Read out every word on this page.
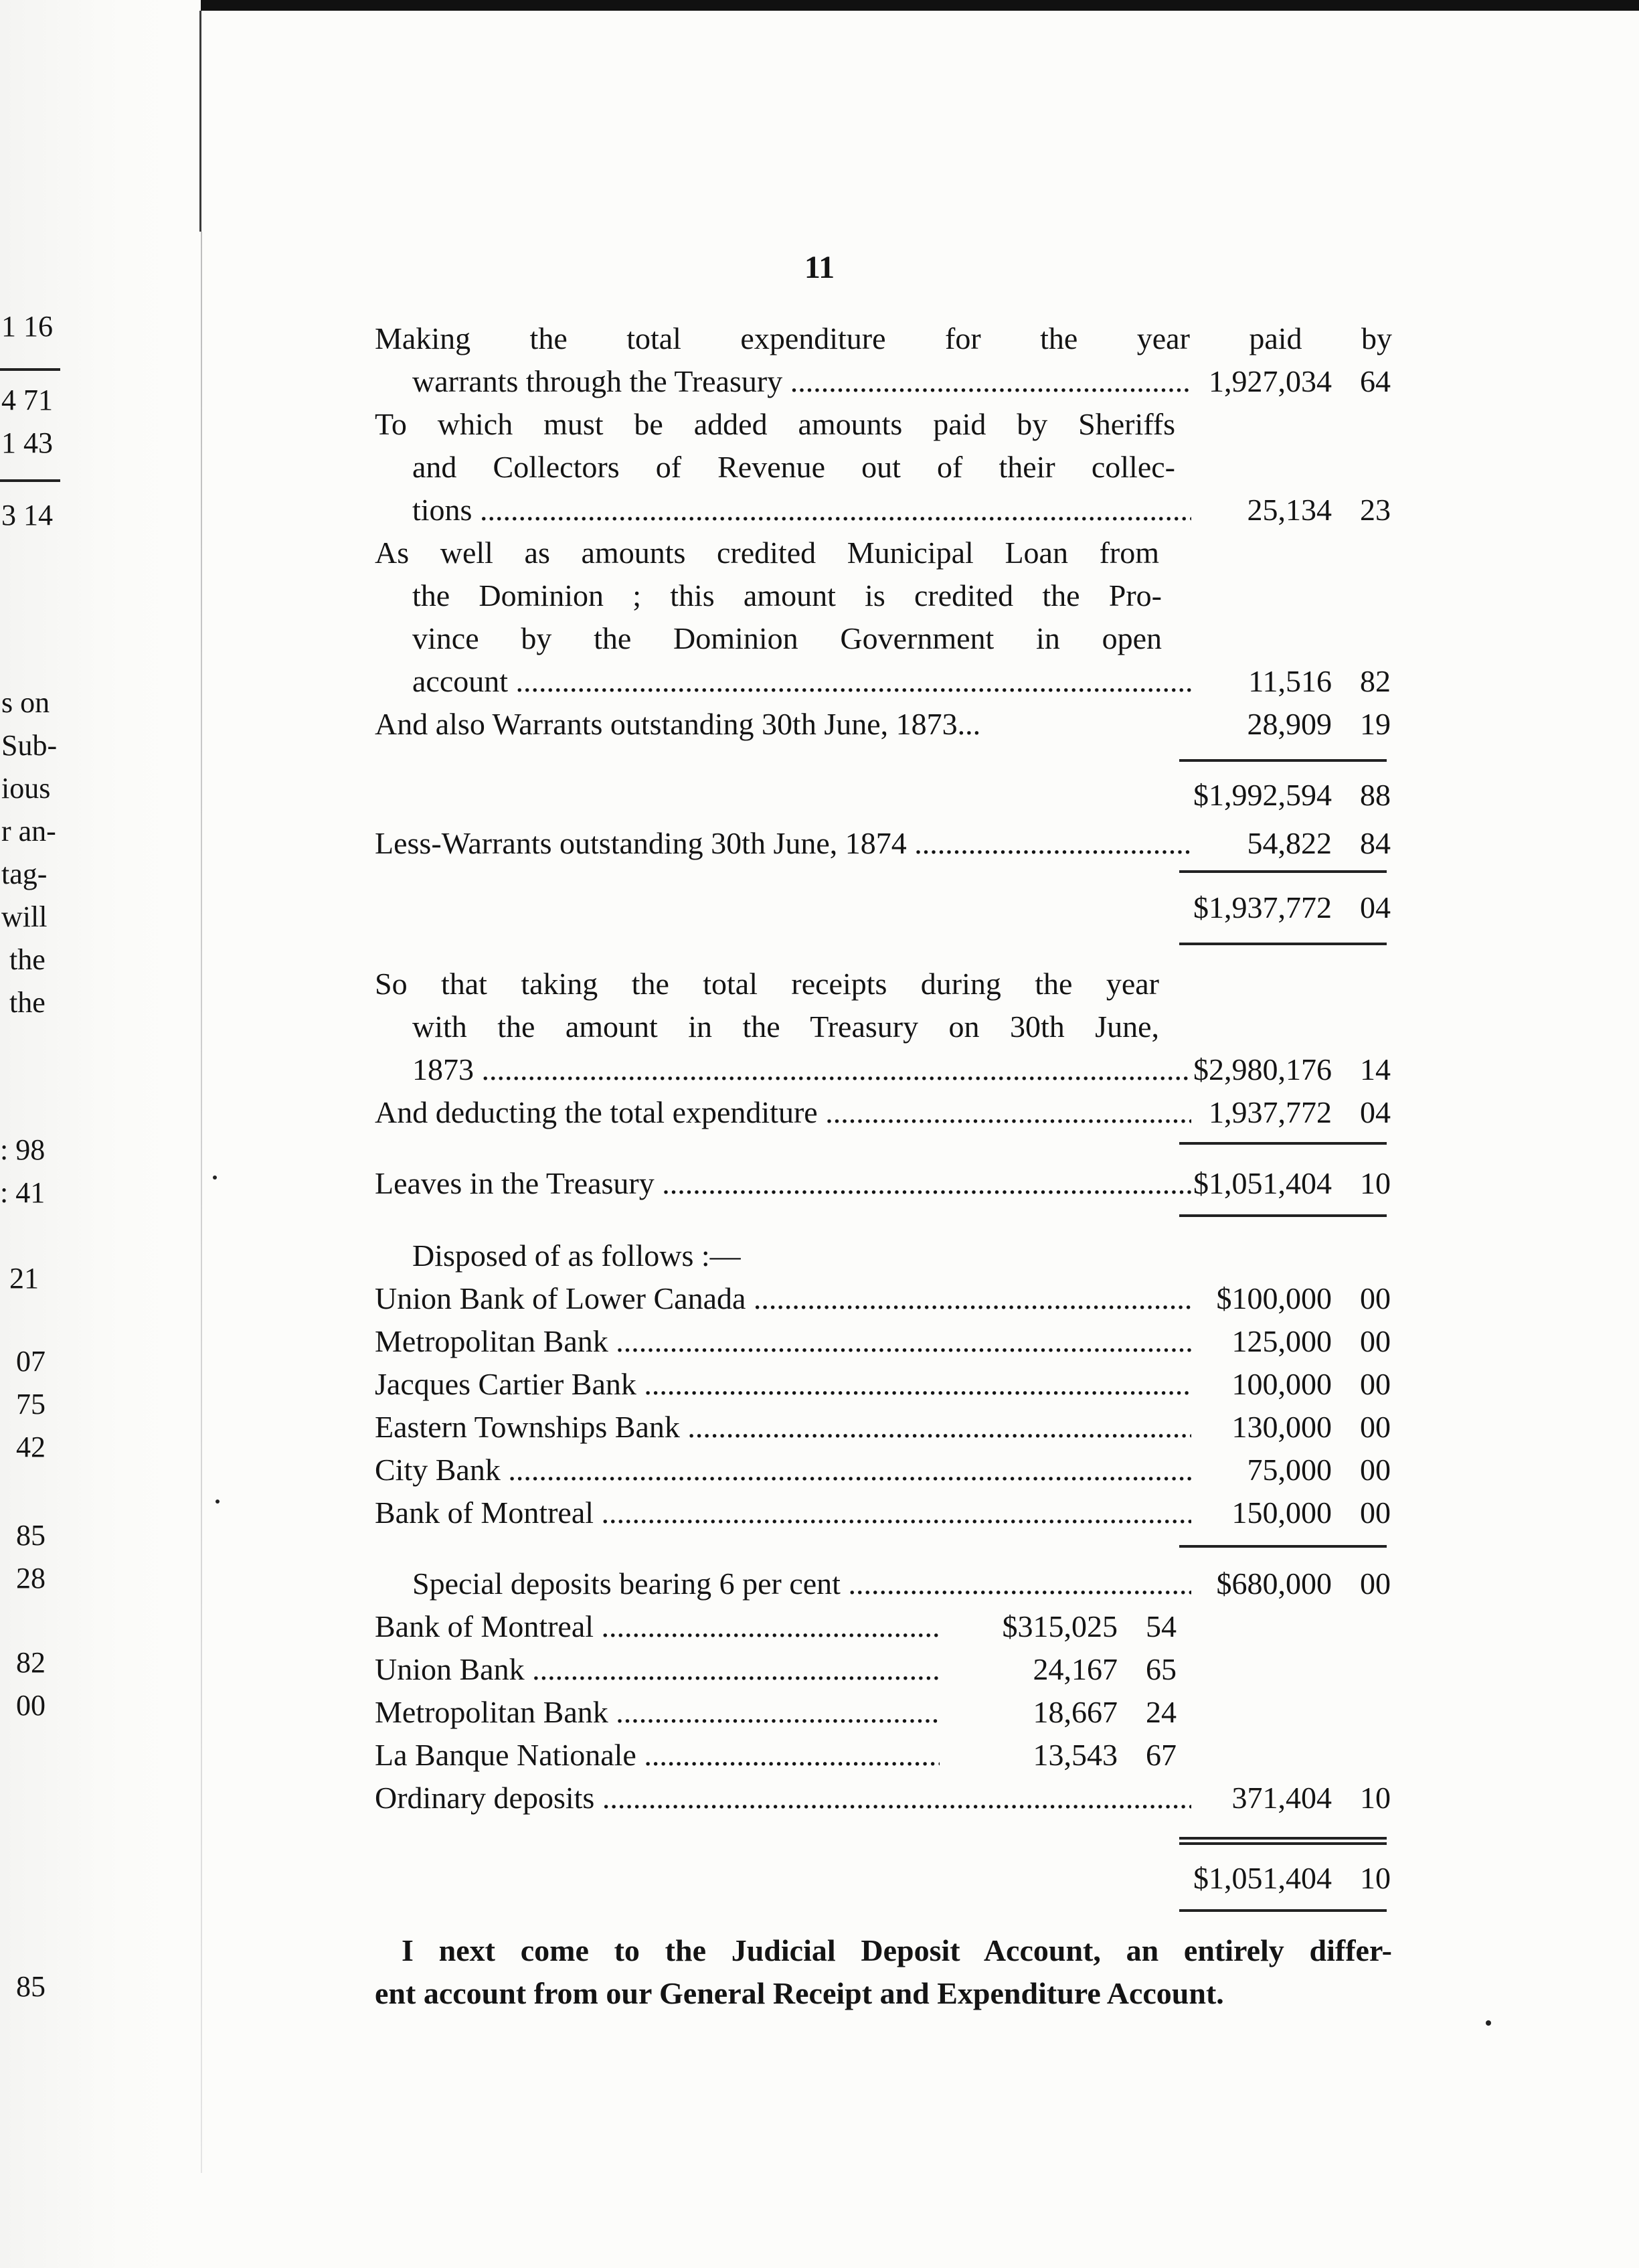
1 16
4 71
1 43
3 14
s on
Sub-
ious
r an-
tag-
will
the
the
: 98
: 41
21
07
75
42
85
28
82
00
85
11
Making the total expenditure for the year paid by
warrants through the Treasury .....	1,927,034 64
To which must be added amounts paid by Sheriffs
and Collectors of Revenue out of their collec-
tions .....	25,134 23
As well as amounts credited Municipal Loan from
the Dominion ; this amount is credited the Pro-
vince by the Dominion Government in open
account .....	11,516 82
And also Warrants outstanding 30th June, 1873...	28,909 19
$1,992,594 88
Less-Warrants outstanding 30th June, 1874 .....	54,822 84
$1,937,772 04
So that taking the total receipts during the year
with the amount in the Treasury on 30th June,
1873 .....	$2,980,176 14
And deducting the total expenditure .....	1,937,772 04
Leaves in the Treasury .....	$1,051,404 10
Disposed of as follows :—
Union Bank of Lower Canada .....	$100,000 00
Metropolitan Bank .....	125,000 00
Jacques Cartier Bank .....	100,000 00
Eastern Townships Bank .....	130,000 00
City Bank .....	75,000 00
Bank of Montreal .....	150,000 00
Special deposits bearing 6 per cent .....	$680,000 00
Bank of Montreal .....	$315,025 54
Union Bank .....	24,167 65
Metropolitan Bank .....	18,667 24
La Banque Nationale .....	13,543 67
Ordinary deposits .....	371,404 10
$1,051,404 10
I next come to the Judicial Deposit Account, an entirely differ-
ent account from our General Receipt and Expenditure Account.
